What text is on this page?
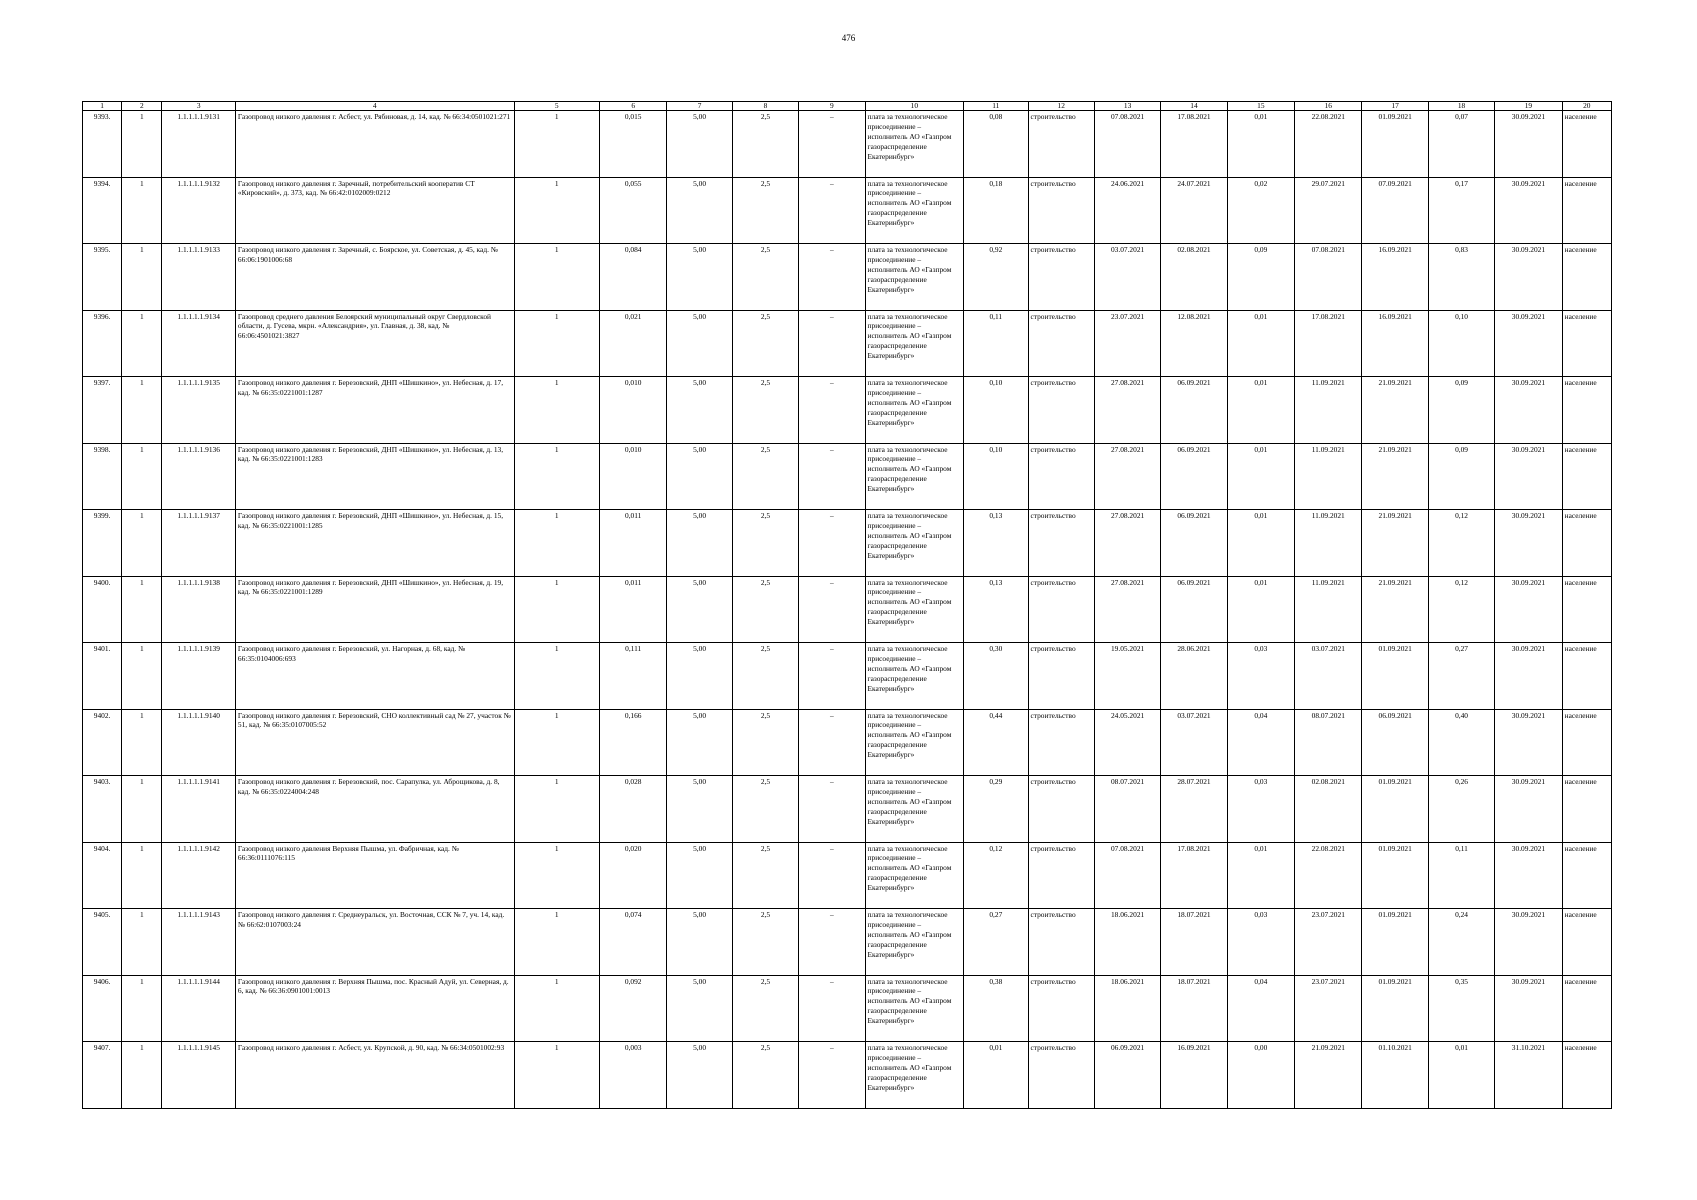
476
1	2	3	4	5	6	7	8	9	10	11	12	13	14	15	16	17	18	19	20
9393.	1	1.1.1.1.1.9131	Газопровод низкого давления г. Асбест, ул. Рябиновая, д. 14, кад. № 66:34:0501021:271	1	0,015	5,00	2,5	–	плата за технологическое присоединение – исполнитель АО «Газпром газораспределение Екатеринбург»	0,08	строительство	07.08.2021	17.08.2021	0,01	22.08.2021	01.09.2021	0,07	30.09.2021	население
9394.	1	1.1.1.1.1.9132	Газопровод низкого давления г. Заречный, потребительский кооператив СТ «Кировский», д. 373, кад. № 66:42:0102009:0212	1	0,055	5,00	2,5	–	плата за технологическое присоединение – исполнитель АО «Газпром газораспределение Екатеринбург»	0,18	строительство	24.06.2021	24.07.2021	0,02	29.07.2021	07.09.2021	0,17	30.09.2021	население
9395.	1	1.1.1.1.1.9133	Газопровод низкого давления г. Заречный, с. Боярское, ул. Советская, д. 45, кад. № 66:06:1901006:68	1	0,084	5,00	2,5	–	плата за технологическое присоединение – исполнитель АО «Газпром газораспределение Екатеринбург»	0,92	строительство	03.07.2021	02.08.2021	0,09	07.08.2021	16.09.2021	0,83	30.09.2021	население
9396.	1	1.1.1.1.1.9134	Газопровод среднего давления Белоярский муниципальный округ Свердловской области, д. Гусева, мкрн. «Александрия», ул. Главная, д. 38, кад. № 66:06:4501021:3827	1	0,021	5,00	2,5	–	плата за технологическое присоединение – исполнитель АО «Газпром газораспределение Екатеринбург»	0,11	строительство	23.07.2021	12.08.2021	0,01	17.08.2021	16.09.2021	0,10	30.09.2021	население
9397.	1	1.1.1.1.1.9135	Газопровод низкого давления г. Березовский, ДНП «Шишкино», ул. Небесная, д. 17, кад. № 66:35:0221001:1287	1	0,010	5,00	2,5	–	плата за технологическое присоединение – исполнитель АО «Газпром газораспределение Екатеринбург»	0,10	строительство	27.08.2021	06.09.2021	0,01	11.09.2021	21.09.2021	0,09	30.09.2021	население
9398.	1	1.1.1.1.1.9136	Газопровод низкого давления г. Березовский, ДНП «Шишкино», ул. Небесная, д. 13, кад. № 66:35:0221001:1283	1	0,010	5,00	2,5	–	плата за технологическое присоединение – исполнитель АО «Газпром газораспределение Екатеринбург»	0,10	строительство	27.08.2021	06.09.2021	0,01	11.09.2021	21.09.2021	0,09	30.09.2021	население
9399.	1	1.1.1.1.1.9137	Газопровод низкого давления г. Березовский, ДНП «Шишкино», ул. Небесная, д. 15, кад. № 66:35:0221001:1285	1	0,011	5,00	2,5	–	плата за технологическое присоединение – исполнитель АО «Газпром газораспределение Екатеринбург»	0,13	строительство	27.08.2021	06.09.2021	0,01	11.09.2021	21.09.2021	0,12	30.09.2021	население
9400.	1	1.1.1.1.1.9138	Газопровод низкого давления г. Березовский, ДНП «Шишкино», ул. Небесная, д. 19, кад. № 66:35:0221001:1289	1	0,011	5,00	2,5	–	плата за технологическое присоединение – исполнитель АО «Газпром газораспределение Екатеринбург»	0,13	строительство	27.08.2021	06.09.2021	0,01	11.09.2021	21.09.2021	0,12	30.09.2021	население
9401.	1	1.1.1.1.1.9139	Газопровод низкого давления г. Березовский, ул. Нагорная, д. 68, кад. № 66:35:0104006:693	1	0,111	5,00	2,5	–	плата за технологическое присоединение – исполнитель АО «Газпром газораспределение Екатеринбург»	0,30	строительство	19.05.2021	28.06.2021	0,03	03.07.2021	01.09.2021	0,27	30.09.2021	население
9402.	1	1.1.1.1.1.9140	Газопровод низкого давления г. Березовский, СНО коллективный сад № 27, участок № 51, кад. № 66:35:0107005:52	1	0,166	5,00	2,5	–	плата за технологическое присоединение – исполнитель АО «Газпром газораспределение Екатеринбург»	0,44	строительство	24.05.2021	03.07.2021	0,04	08.07.2021	06.09.2021	0,40	30.09.2021	население
9403.	1	1.1.1.1.1.9141	Газопровод низкого давления г. Березовский, пос. Сарапулка, ул. Аброщикова, д. 8, кад. № 66:35:0224004:248	1	0,028	5,00	2,5	–	плата за технологическое присоединение – исполнитель АО «Газпром газораспределение Екатеринбург»	0,29	строительство	08.07.2021	28.07.2021	0,03	02.08.2021	01.09.2021	0,26	30.09.2021	население
9404.	1	1.1.1.1.1.9142	Газопровод низкого давления Верхняя Пышма, ул. Фабричная, кад. № 66:36:0111076:115	1	0,020	5,00	2,5	–	плата за технологическое присоединение – исполнитель АО «Газпром газораспределение Екатеринбург»	0,12	строительство	07.08.2021	17.08.2021	0,01	22.08.2021	01.09.2021	0,11	30.09.2021	население
9405.	1	1.1.1.1.1.9143	Газопровод низкого давления г. Среднеуральск, ул. Восточная, ССК № 7, уч. 14, кад. № 66:62:0107003:24	1	0,074	5,00	2,5	–	плата за технологическое присоединение – исполнитель АО «Газпром газораспределение Екатеринбург»	0,27	строительство	18.06.2021	18.07.2021	0,03	23.07.2021	01.09.2021	0,24	30.09.2021	население
9406.	1	1.1.1.1.1.9144	Газопровод низкого давления г. Верхняя Пышма, пос. Красный Адуй, ул. Северная, д. 6, кад. № 66:36:0901001:0013	1	0,092	5,00	2,5	–	плата за технологическое присоединение – исполнитель АО «Газпром газораспределение Екатеринбург»	0,38	строительство	18.06.2021	18.07.2021	0,04	23.07.2021	01.09.2021	0,35	30.09.2021	население
9407.	1	1.1.1.1.1.9145	Газопровод низкого давления г. Асбест, ул. Крупской, д. 90, кад. № 66:34:0501002:93	1	0,003	5,00	2,5	–	плата за технологическое присоединение – исполнитель АО «Газпром газораспределение Екатеринбург»	0,01	строительство	06.09.2021	16.09.2021	0,00	21.09.2021	01.10.2021	0,01	31.10.2021	население
